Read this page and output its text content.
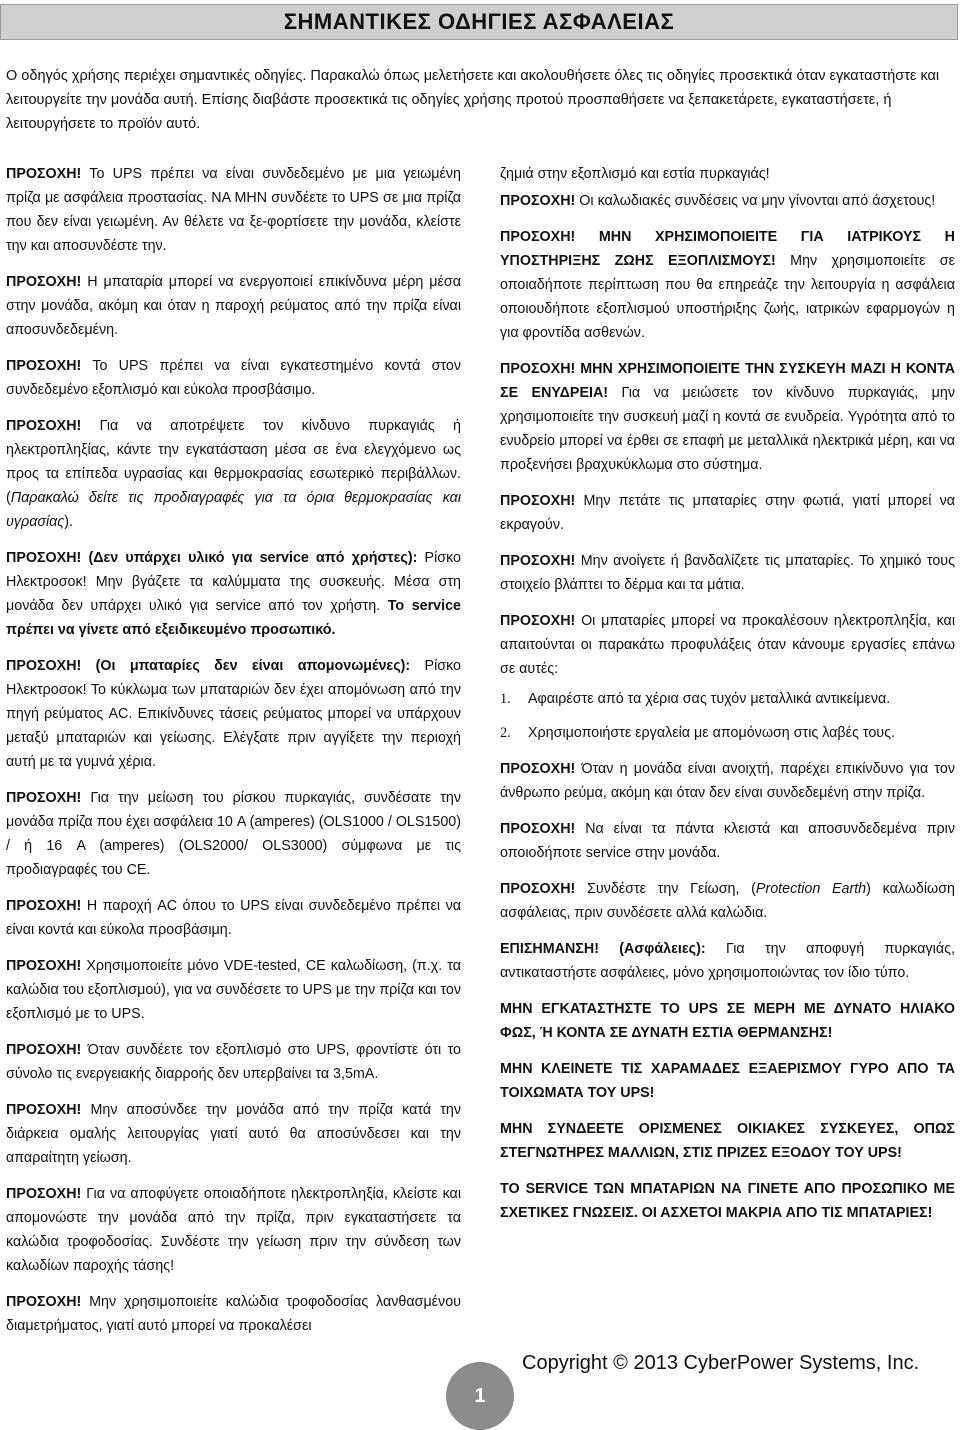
ΣΗΜΑΝΤΙΚΕΣ ΟΔΗΓΙΕΣ ΑΣΦΑΛΕΙΑΣ

Ο οδηγός χρήσης περιέχει σημαντικές οδηγίες. Παρακαλώ όπως μελετήσετε και ακολουθήσετε όλες τις οδηγίες προσεκτικά όταν εγκαταστήστε και λειτουργείτε την μονάδα αυτή. Επίσης διαβάστε προσεκτικά τις οδηγίες χρήσης προτού προσπαθήσετε να ξεπακετάρετε, εγκαταστήσετε, ή λειτουργήσετε το προϊόν αυτό.

ΠΡΟΣΟΧΗ! Το UPS πρέπει να είναι συνδεδεμένο με μια γειωμένη πρίζα με ασφάλεια προστασίας. ΝΑ ΜΗΝ συνδέετε το UPS σε μια πρίζα που δεν είναι γειωμένη. Αν θέλετε να ξε-φορτίσετε την μονάδα, κλείστε την και αποσυνδέστε την.

ΠΡΟΣΟΧΗ! Η μπαταρία μπορεί να ενεργοποιεί επικίνδυνα μέρη μέσα στην μονάδα, ακόμη και όταν η παροχή ρεύματος από την πρίζα είναι αποσυνδεδεμένη.

ΠΡΟΣΟΧΗ! Το UPS πρέπει να είναι εγκατεστημένο κοντά στον συνδεδεμένο εξοπλισμό και εύκολα προσβάσιμο.

ΠΡΟΣΟΧΗ! Για να αποτρέψετε τον κίνδυνο πυρκαγιάς ή ηλεκτροπληξίας, κάντε την εγκατάσταση μέσα σε ένα ελεγχόμενο ως προς τα επίπεδα υγρασίας και θερμοκρασίας εσωτερικό περιβάλλων. (Παρακαλώ δείτε τις προδιαγραφές για τα όρια θερμοκρασίας και υγρασίας).

ΠΡΟΣΟΧΗ! (Δεν υπάρχει υλικό για service από χρήστες): Ρίσκο Ηλεκτροσοκ! Μην βγάζετε τα καλύμματα της συσκευής. Μέσα στη μονάδα δεν υπάρχει υλικό για service από τον χρήστη. Το service πρέπει να γίνετε από εξειδικευμένο προσωπικό.

ΠΡΟΣΟΧΗ! (Οι μπαταρίες δεν είναι απομονωμένες): Ρίσκο Ηλεκτροσοκ! Το κύκλωμα των μπαταριών δεν έχει απομόνωση από την πηγή ρεύματος AC. Επικίνδυνες τάσεις ρεύματος μπορεί να υπάρχουν μεταξύ μπαταριών και γείωσης. Ελέγξατε πριν αγγίξετε την περιοχή αυτή με τα γυμνά χέρια.

ΠΡΟΣΟΧΗ! Για την μείωση του ρίσκου πυρκαγιάς, συνδέσατε την μονάδα πρίζα που έχει ασφάλεια 10 A (amperes) (OLS1000 / OLS1500) / ή 16 A (amperes) (OLS2000/ OLS3000) σύμφωνα με τις προδιαγραφές του CE.

ΠΡΟΣΟΧΗ! Η παροχή AC όπου το UPS είναι συνδεδεμένο πρέπει να είναι κοντά και εύκολα προσβάσιμη.

ΠΡΟΣΟΧΗ! Χρησιμοποιείτε μόνο VDE-tested, CE καλωδίωση, (π.χ. τα καλώδια του εξοπλισμού), για να συνδέσετε το UPS με την πρίζα και τον εξοπλισμό με το UPS.

ΠΡΟΣΟΧΗ! Όταν συνδέετε τον εξοπλισμό στο UPS, φροντίστε ότι το σύνολο τις ενεργειακής διαρροής δεν υπερβαίνει τα 3,5mA.

ΠΡΟΣΟΧΗ! Μην αποσύνδεε την μονάδα από την πρίζα κατά την διάρκεια ομαλής λειτουργίας γιατί αυτό θα αποσύνδεσει και την απαραίτητη γείωση.

ΠΡΟΣΟΧΗ! Για να αποφύγετε οποιαδήποτε ηλεκτροπληξία, κλείστε και απομονώστε την μονάδα από την πρίζα, πριν εγκαταστήσετε τα καλώδια τροφοδοσίας. Συνδέστε την γείωση πριν την σύνδεση των καλωδίων παροχής τάσης!

ΠΡΟΣΟΧΗ! Μην χρησιμοποιείτε καλώδια τροφοδοσίας λανθασμένου διαμετρήματος, γιατί αυτό μπορεί να προκαλέσει

ζημιά στην εξοπλισμό και εστία πυρκαγιάς!

ΠΡΟΣΟΧΗ! Οι καλωδιακές συνδέσεις να μην γίνονται από άσχετους!

ΠΡΟΣΟΧΗ! ΜΗΝ ΧΡΗΣΙΜΟΠΟΙΕΙΤΕ ΓΙΑ ΙΑΤΡΙΚΟΥΣ Η ΥΠΟΣΤΗΡΙΞΗΣ ΖΩΗΣ ΕΞΟΠΛΙΣΜΟΥΣ! Μην χρησιμοποιείτε σε οποιαδήποτε περίπτωση που θα επηρεάζε την λειτουργία η ασφάλεια οποιουδήποτε εξοπλισμού υποστήριξης ζωής, ιατρικών εφαρμογών η για φροντίδα ασθενών.

ΠΡΟΣΟΧΗ! ΜΗΝ ΧΡΗΣΙΜΟΠΟΙΕΙΤΕ ΤΗΝ ΣΥΣΚΕΥΗ ΜΑΖΙ Η ΚΟΝΤΑ ΣΕ ΕΝΥΔΡΕΙΑ! Για να μειώσετε τον κίνδυνο πυρκαγιάς, μην χρησιμοποιείτε την συσκευή μαζί η κοντά σε ενυδρεία. Υγρότητα από το ενυδρείο μπορεί να έρθει σε επαφή με μεταλλικά ηλεκτρικά μέρη, και να προξενήσει βραχυκύκλωμα στο σύστημα.

ΠΡΟΣΟΧΗ! Μην πετάτε τις μπαταρίες στην φωτιά, γιατί μπορεί να εκραγούν.

ΠΡΟΣΟΧΗ! Μην ανοίγετε ή βανδαλίζετε τις μπαταρίες. Το χημικό τους στοιχείο βλάπτει το δέρμα και τα μάτια.

ΠΡΟΣΟΧΗ! Οι μπαταρίες μπορεί να προκαλέσουν ηλεκτροπληξία, και απαιτούνται οι παρακάτω προφυλάξεις όταν κάνουμε εργασίες επάνω σε αυτές:

1.	Αφαιρέστε από τα χέρια σας τυχόν μεταλλικά αντικείμενα.
2.	Χρησιμοποιήστε εργαλεία με απομόνωση στις λαβές τους.

ΠΡΟΣΟΧΗ! Όταν η μονάδα είναι ανοιχτή, παρέχει επικίνδυνο για τον άνθρωπο ρεύμα, ακόμη και όταν δεν είναι συνδεδεμένη στην πρίζα.

ΠΡΟΣΟΧΗ! Να είναι τα πάντα κλειστά και αποσυνδεδεμένα πριν οποιοδήποτε service στην μονάδα.

ΠΡΟΣΟΧΗ! Συνδέστε την Γείωση, (Protection Earth) καλωδίωση ασφάλειας, πριν συνδέσετε αλλά καλώδια.

ΕΠΙΣΗΜΑΝΣΗ! (Ασφάλειες): Για την αποφυγή πυρκαγιάς, αντικαταστήστε ασφάλειες, μόνο χρησιμοποιώντας τον ίδιο τύπο.

ΜΗΝ ΕΓΚΑΤΑΣΤΗΣΤΕ ΤΟ UPS ΣΕ ΜΕΡΗ ΜΕ ΔΥΝΑΤΟ ΗΛΙΑΚΟ ΦΩΣ, Ή ΚΟΝΤΑ ΣΕ ΔΥΝΑΤΗ ΕΣΤΙΑ ΘΕΡΜΑΝΣΗΣ!

ΜΗΝ ΚΛΕΙΝΕΤΕ ΤΙΣ ΧΑΡΑΜΑΔΕΣ ΕΞΑΕΡΙΣΜΟΥ ΓΥΡΟ ΑΠΟ ΤΑ ΤΟΙΧΩΜΑΤΑ ΤΟΥ UPS!

ΜΗΝ ΣΥΝΔΕΕΤΕ ΟΡΙΣΜΕΝΕΣ ΟΙΚΙΑΚΕΣ ΣΥΣΚΕΥΕΣ, ΟΠΩΣ ΣΤΕΓΝΩΤΗΡΕΣ ΜΑΛΛΙΩΝ, ΣΤΙΣ ΠΡΙΖΕΣ ΕΞΟΔΟΥ ΤΟΥ UPS!

ΤΟ SERVICE ΤΩΝ ΜΠΑΤΑΡΙΩΝ ΝΑ ΓΙΝΕΤΕ ΑΠΟ ΠΡΟΣΩΠΙΚΟ ΜΕ ΣΧΕΤΙΚΕΣ ΓΝΩΣΕΙΣ. ΟΙ ΑΣΧΕΤΟΙ ΜΑΚΡΙΑ ΑΠΟ ΤΙΣ ΜΠΑΤΑΡΙΕΣ!

1
Copyright © 2013 CyberPower Systems, Inc.
